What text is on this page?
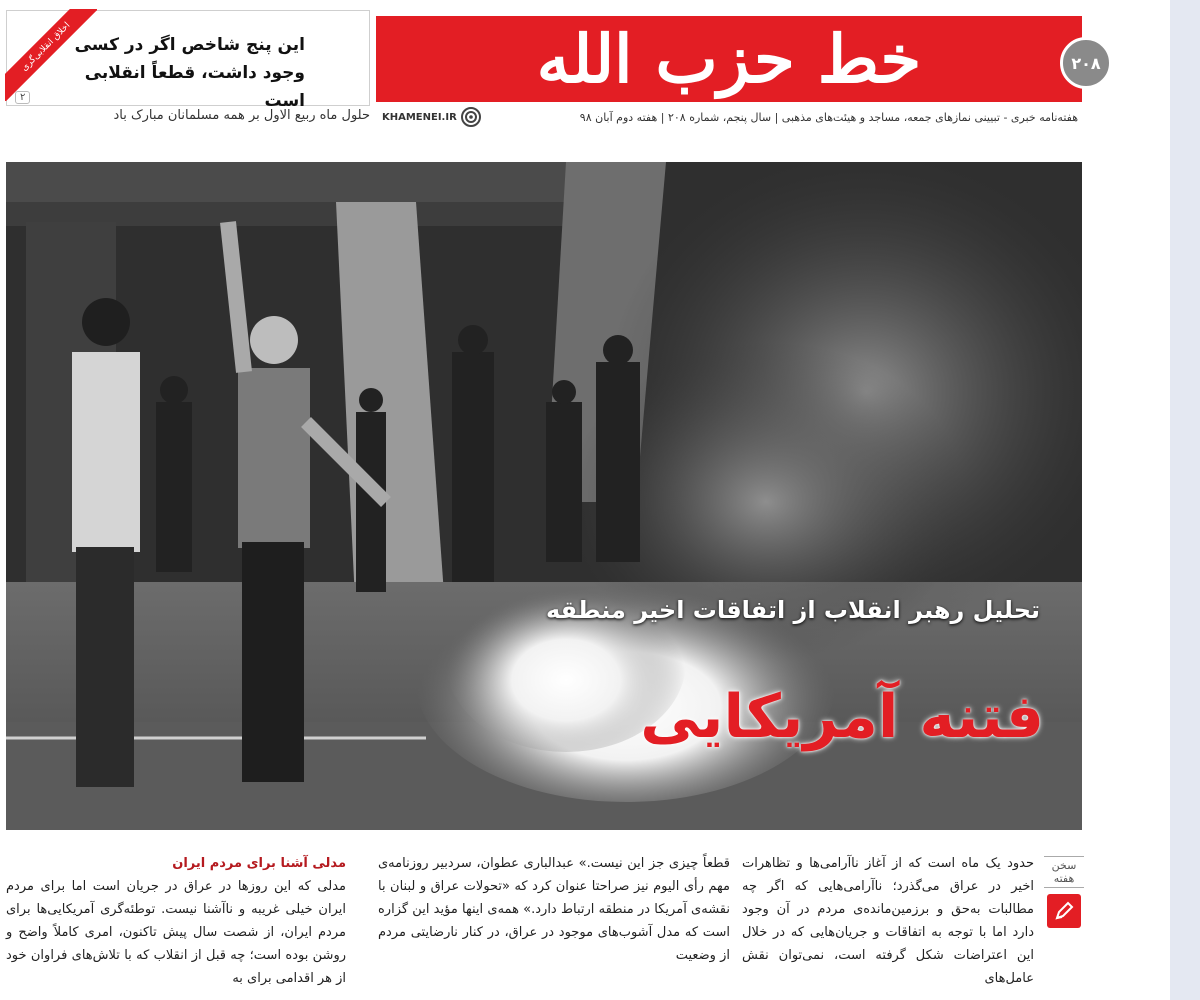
اخلاق انقلابی‌گری این پنج شاخص اگر در کسی
وجود داشت، قطعاً انقلابی است
۲
حلول ماه ربیع الاول بر همه مسلمانان مبارک باد
خط حزب الله	۲۰۸
KHAMENEI.IR	هفته‌نامه خبری - تبیینی نمازهای جمعه، مساجد و هیئت‌های مذهبی | سال پنجم، شماره ۲۰۸ | هفته دوم آبان ۹۸
تحلیل رهبر انقلاب از اتفاقات اخیر منطقه
فتنه آمریکایی
سخن
هفته

حدود یک ماه است که از آغاز ناآرامی‌ها و تظاهرات اخیر در عراق می‌گذرد؛ ناآرامی‌هایی که اگر چه مطالبات به‌حق و برزمین‌مانده‌ی مردم در آن وجود دارد اما با توجه به اتفاقات و جریان‌هایی که در خلال این اعتراضات شکل گرفته است، نمی‌توان نقش عامل‌های

قطعاً چیزی جز این نیست.» عبدالباری عطوان، سردبیر روزنامه‌ی مهم رأی الیوم نیز صراحتا عنوان کرد که «تحولات عراق و لبنان با نقشه‌ی آمریکا در منطقه ارتباط دارد.» همه‌ی اینها مؤید این گزاره است که مدل آشوب‌های موجود در عراق، در کنار نارضایتی مردم از وضعیت

مدلی آشنا برای مردم ایران

مدلی که این روزها در عراق در جریان است اما برای مردم ایران خیلی غریبه و ناآشنا نیست. توطئه‌گری آمریکایی‌ها برای مردم ایران، از شصت سال پیش تاکنون، امری کاملاً واضح و روشن بوده است؛ چه قبل از انقلاب که با تلاش‌های فراوان خود از هر اقدامی برای به
